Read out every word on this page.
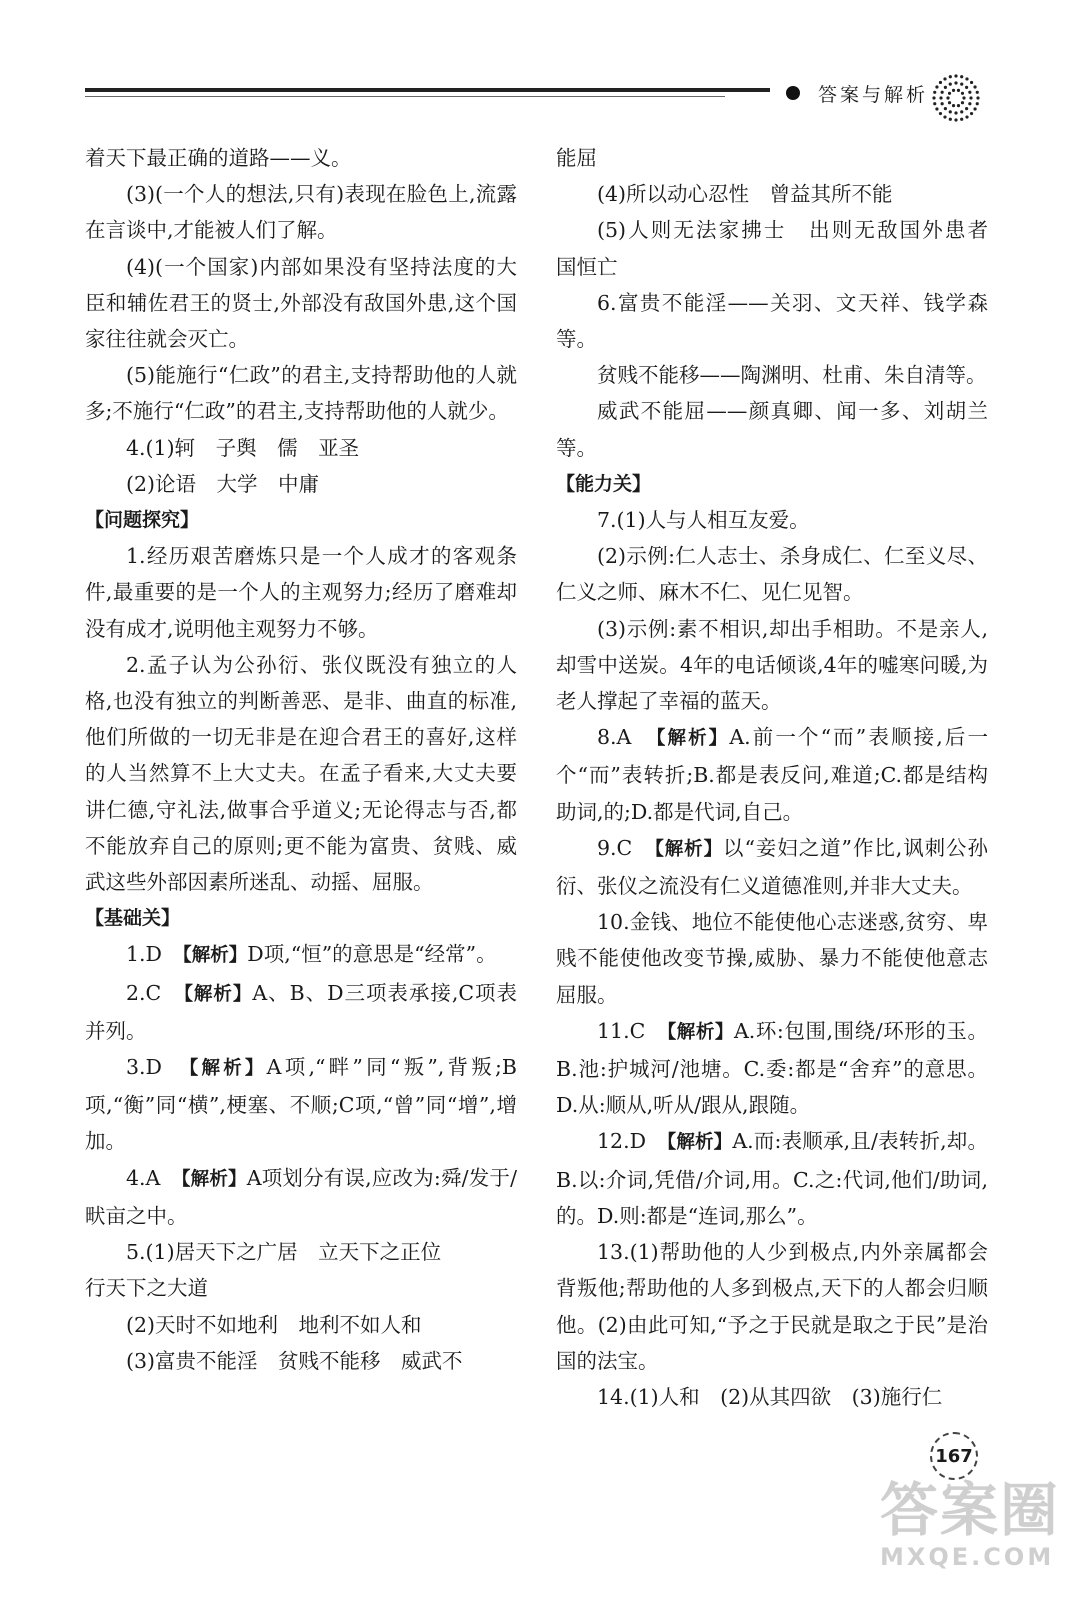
答案与解析

着天下最正确的道路——义。

(3)(一个人的想法,只有)表现在脸色上,流露在言谈中,才能被人们了解。

(4)(一个国家)内部如果没有坚持法度的大臣和辅佐君王的贤士,外部没有敌国外患,这个国家往往就会灭亡。

(5)能施行“仁政”的君主,支持帮助他的人就多;不施行“仁政”的君主,支持帮助他的人就少。

4.(1)轲　子舆　儒　亚圣

(2)论语　大学　中庸

【问题探究】

1.经历艰苦磨炼只是一个人成才的客观条件,最重要的是一个人的主观努力;经历了磨难却没有成才,说明他主观努力不够。

2.孟子认为公孙衍、张仪既没有独立的人格,也没有独立的判断善恶、是非、曲直的标准,他们所做的一切无非是在迎合君王的喜好,这样的人当然算不上大丈夫。在孟子看来,大丈夫要讲仁德,守礼法,做事合乎道义;无论得志与否,都不能放弃自己的原则;更不能为富贵、贫贱、威武这些外部因素所迷乱、动摇、屈服。

【基础关】

1.D　【解析】D项,“恒”的意思是“经常”。

2.C　【解析】A、B、D三项表承接,C项表并列。

3.D　【解析】A项,“畔”同“叛”,背叛;B项,“衡”同“横”,梗塞、不顺;C项,“曾”同“增”,增加。

4.A　【解析】A项划分有误,应改为:舜/发于/畎亩之中。

5.(1)居天下之广居　立天下之正位

行天下之大道

(2)天时不如地利　地利不如人和

(3)富贵不能淫　贫贱不能移　威武不

能屈

(4)所以动心忍性　曾益其所不能

(5)人则无法家拂士　出则无敌国外患者　国恒亡

6.富贵不能淫——关羽、文天祥、钱学森等。

贫贱不能移——陶渊明、杜甫、朱自清等。

威武不能屈——颜真卿、闻一多、刘胡兰等。

【能力关】

7.(1)人与人相互友爱。

(2)示例:仁人志士、杀身成仁、仁至义尽、仁义之师、麻木不仁、见仁见智。

(3)示例:素不相识,却出手相助。不是亲人,却雪中送炭。4年的电话倾谈,4年的嘘寒问暖,为老人撑起了幸福的蓝天。

8.A　【解析】A.前一个“而”表顺接,后一个“而”表转折;B.都是表反问,难道;C.都是结构助词,的;D.都是代词,自己。

9.C　【解析】以“妾妇之道”作比,讽刺公孙衍、张仪之流没有仁义道德准则,并非大丈夫。

10.金钱、地位不能使他心志迷惑,贫穷、卑贱不能使他改变节操,威胁、暴力不能使他意志屈服。

11.C　【解析】A.环:包围,围绕/环形的玉。B.池:护城河/池塘。C.委:都是“舍弃”的意思。D.从:顺从,听从/跟从,跟随。

12.D　【解析】A.而:表顺承,且/表转折,却。B.以:介词,凭借/介词,用。C.之:代词,他们/助词,的。D.则:都是“连词,那么”。

13.(1)帮助他的人少到极点,内外亲属都会背叛他;帮助他的人多到极点,天下的人都会归顺他。(2)由此可知,“予之于民就是取之于民”是治国的法宝。

14.(1)人和　(2)从其四欲　(3)施行仁

167
答案圈
MXQE.COM
